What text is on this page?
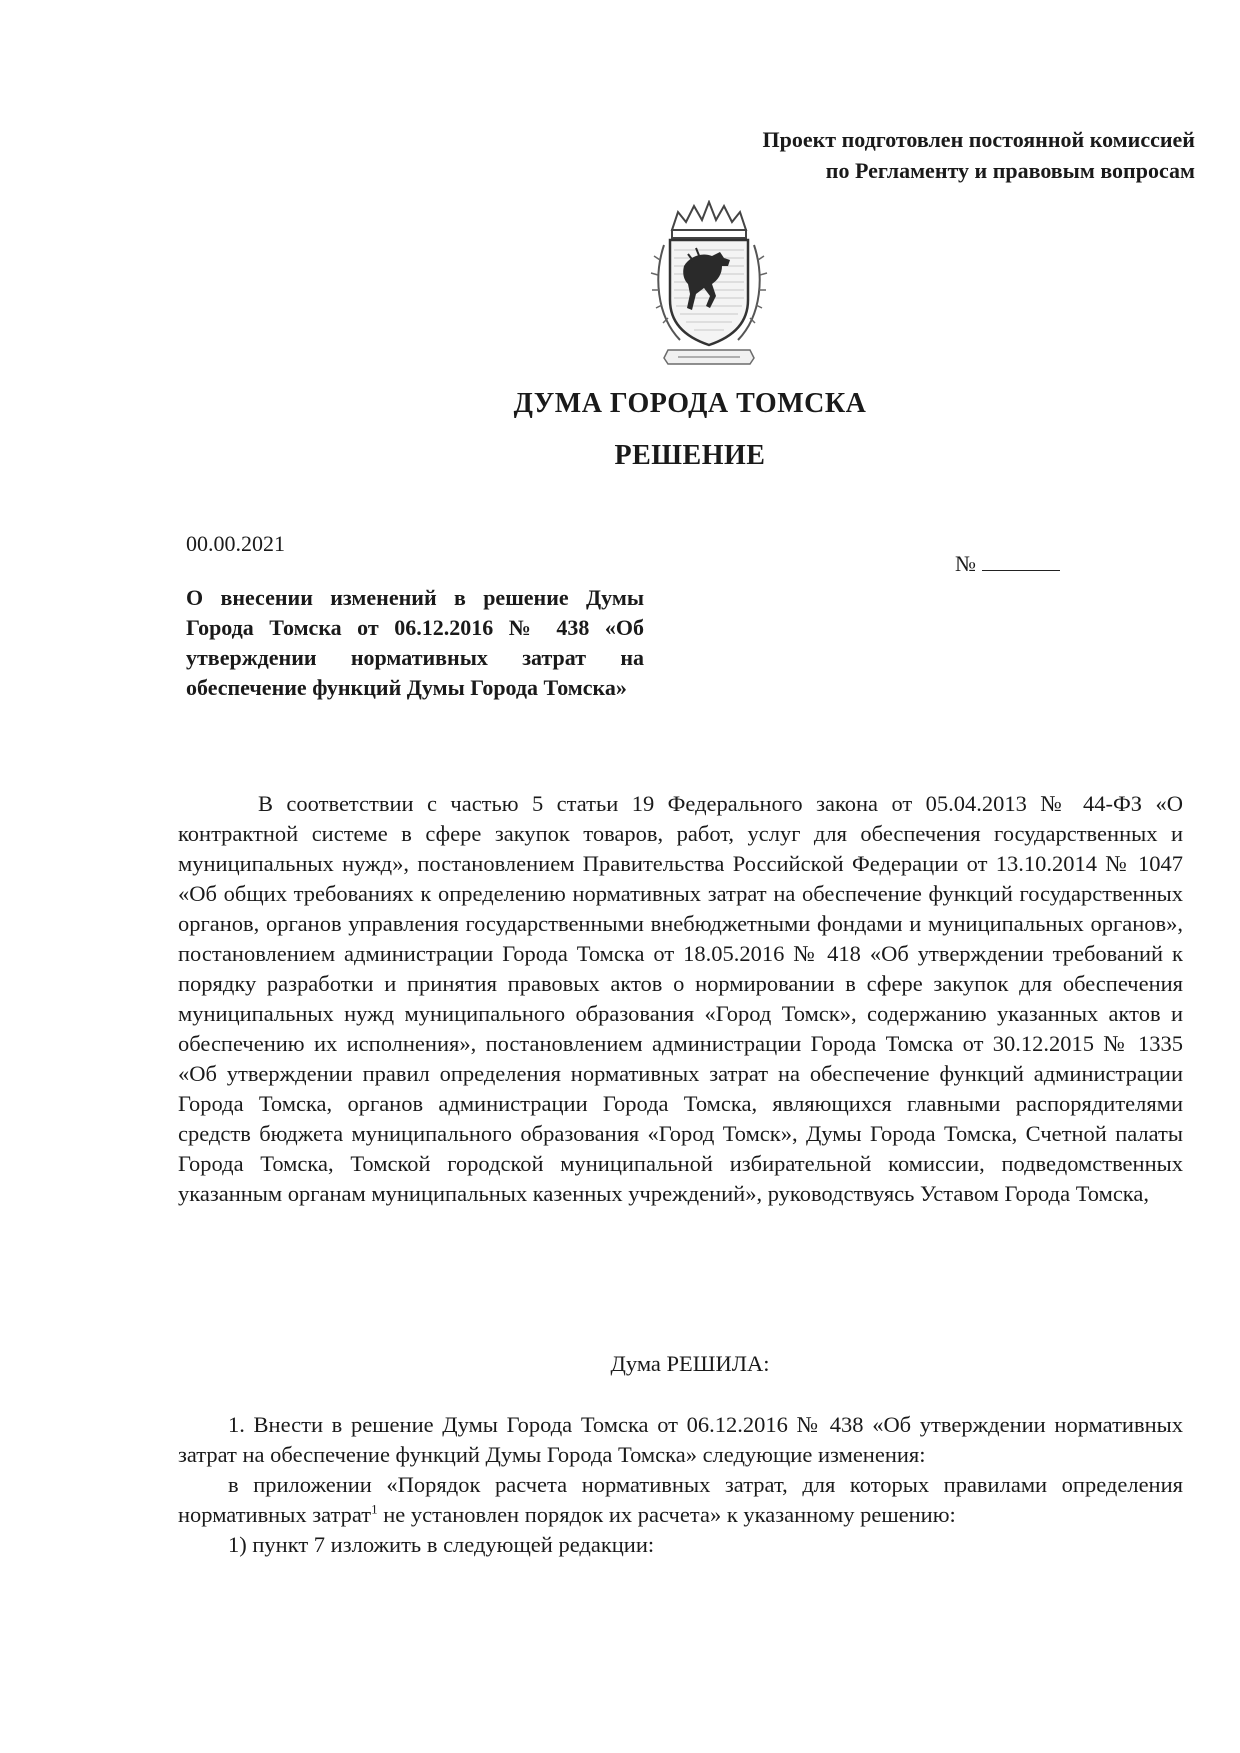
Проект подготовлен постоянной комиссией
по Регламенту и правовым вопросам
ДУМА ГОРОДА ТОМСКА
РЕШЕНИЕ
00.00.2021
№
О внесении изменений в решение Думы Города Томска от 06.12.2016 № 438 «Об утверждении нормативных затрат на обеспечение функций Думы Города Томска»

В соответствии с частью 5 статьи 19 Федерального закона от 05.04.2013 № 44-ФЗ «О контрактной системе в сфере закупок товаров, работ, услуг для обеспечения государственных и муниципальных нужд», постановлением Правительства Российской Федерации от 13.10.2014 № 1047 «Об общих требованиях к определению нормативных затрат на обеспечение функций государственных органов, органов управления государственными внебюджетными фондами и муниципальных органов», постановлением администрации Города Томска от 18.05.2016 № 418 «Об утверждении требований к порядку разработки и принятия правовых актов о нормировании в сфере закупок для обеспечения муниципальных нужд муниципального образования «Город Томск», содержанию указанных актов и обеспечению их исполнения», постановлением администрации Города Томска от 30.12.2015 № 1335 «Об утверждении правил определения нормативных затрат на обеспечение функций администрации Города Томска, органов администрации Города Томска, являющихся главными распорядителями средств бюджета муниципального образования «Город Томск», Думы Города Томска, Счетной палаты Города Томска, Томской городской муниципальной избирательной комиссии, подведомственных указанным органам муниципальных казенных учреждений», руководствуясь Уставом Города Томска,

Дума РЕШИЛА:

1. Внести в решение Думы Города Томска от 06.12.2016 № 438 «Об утверждении нормативных затрат на обеспечение функций Думы Города Томска» следующие изменения:

в приложении «Порядок расчета нормативных затрат, для которых правилами определения нормативных затрат$^1$ не установлен порядок их расчета» к указанному решению:

1) пункт 7 изложить в следующей редакции:
